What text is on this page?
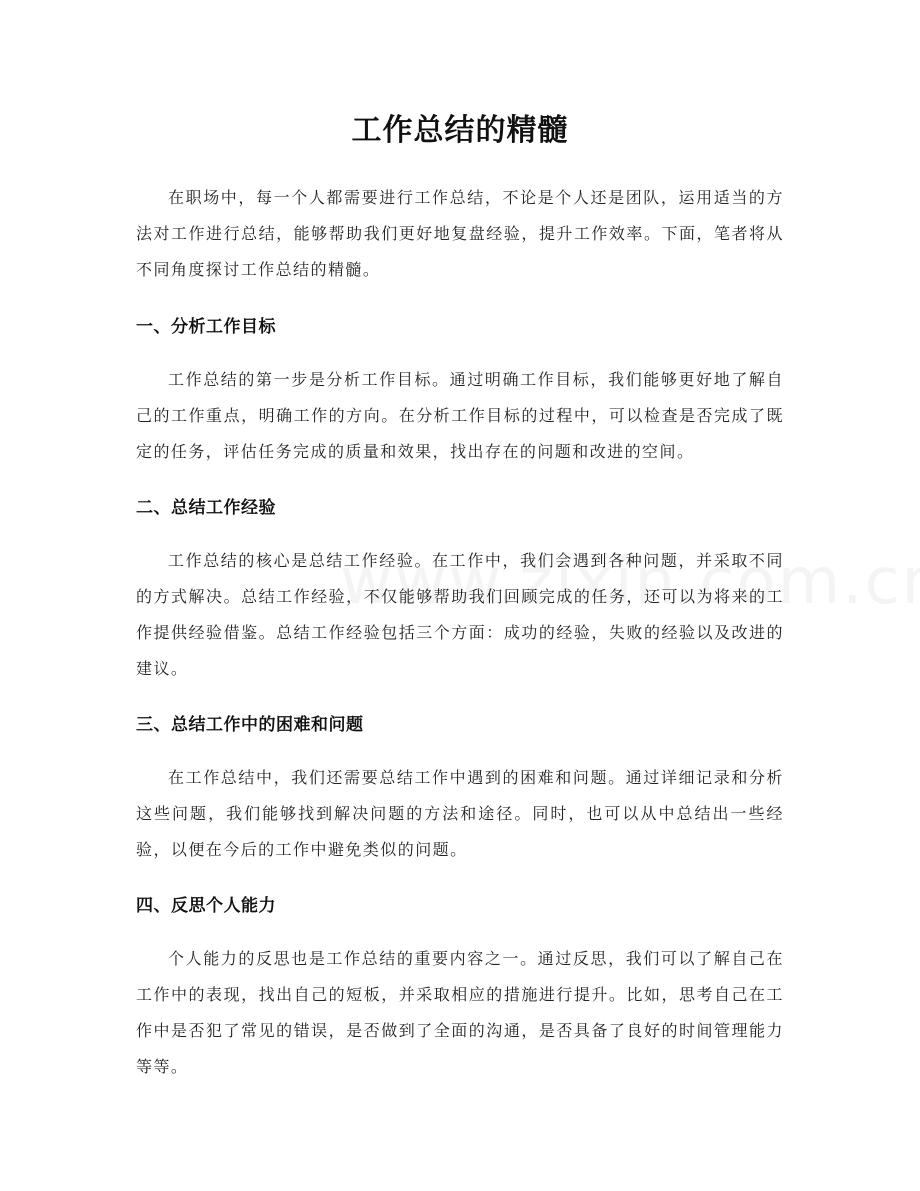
工作总结的精髓

在职场中，每一个人都需要进行工作总结，不论是个人还是团队，运用适当的方法对工作进行总结，能够帮助我们更好地复盘经验，提升工作效率。下面，笔者将从不同角度探讨工作总结的精髓。

一、分析工作目标

工作总结的第一步是分析工作目标。通过明确工作目标，我们能够更好地了解自己的工作重点，明确工作的方向。在分析工作目标的过程中，可以检查是否完成了既定的任务，评估任务完成的质量和效果，找出存在的问题和改进的空间。

二、总结工作经验

工作总结的核心是总结工作经验。在工作中，我们会遇到各种问题，并采取不同的方式解决。总结工作经验，不仅能够帮助我们回顾完成的任务，还可以为将来的工作提供经验借鉴。总结工作经验包括三个方面：成功的经验，失败的经验以及改进的建议。

三、总结工作中的困难和问题

在工作总结中，我们还需要总结工作中遇到的困难和问题。通过详细记录和分析这些问题，我们能够找到解决问题的方法和途径。同时，也可以从中总结出一些经验，以便在今后的工作中避免类似的问题。

四、反思个人能力

个人能力的反思也是工作总结的重要内容之一。通过反思，我们可以了解自己在工作中的表现，找出自己的短板，并采取相应的措施进行提升。比如，思考自己在工作中是否犯了常见的错误，是否做到了全面的沟通，是否具备了良好的时间管理能力等等。
